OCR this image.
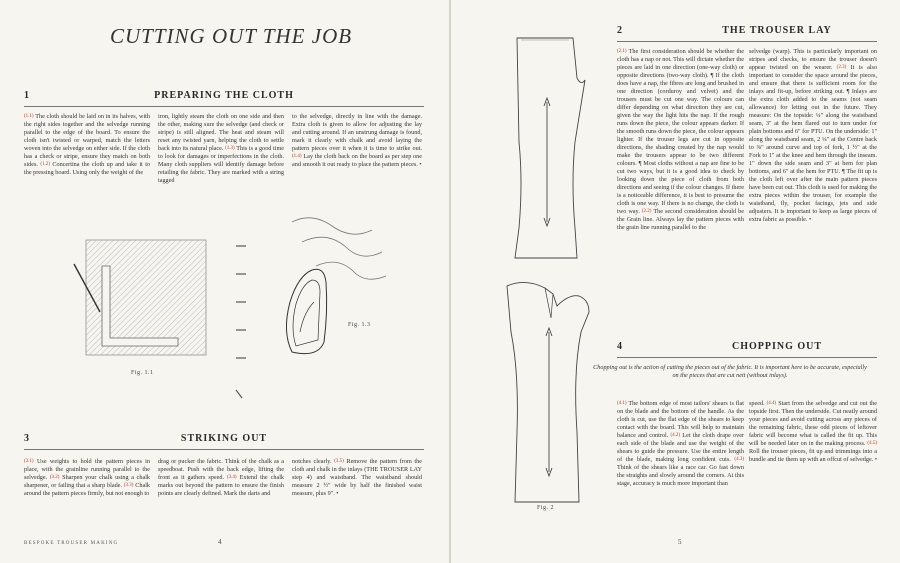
CUTTING OUT THE JOB
1	PREPARING THE CLOTH
(1.1) The cloth should be laid on in its halves, with the right sides together and the selvedge running parallel to the edge of the board. To ensure the cloth isn't twisted or warped, match the letters woven into the selvedge on either side. If the cloth has a check or stripe, ensure they match on both sides. (1.2) Concertina the cloth up and take it to the pressing board. Using only the weight of the
iron, lightly steam the cloth on one side and then the other, making sure the selvedge (and check or stripe) is still aligned. The heat and steam will reset any twisted yarn, helping the cloth to settle back into its natural place. (1.3) This is a good time to look for damages or imperfections in the cloth. Many cloth suppliers will identify damage before retailing the fabric. They are marked with a string tagged
to the selvedge, directly in line with the damage. Extra cloth is given to allow for adjusting the lay and cutting around. If an unstrung damage is found, mark it clearly with chalk and avoid laying the pattern pieces over it when it is time to strike out. (1.4) Lay the cloth back on the board as per step one and smooth it out ready to place the pattern pieces. •
Fig. 1.1
Fig. 1.3
3	STRIKING OUT
(3.1) Use weights to hold the pattern pieces in place, with the grainline running parallel to the selvedge. (3.2) Sharpen your chalk using a chalk sharpener, or failing that a sharp blade. (3.3) Chalk around the pattern pieces firmly, but not enough to
drag or pucker the fabric. Think of the chalk as a speedboat. Push with the back edge, lifting the front as it gathers speed. (3.4) Extend the chalk marks out beyond the pattern to ensure the finish points are clearly defined. Mark the darts and
notches clearly. (3.5) Remove the pattern from the cloth and chalk in the inlays (THE TROUSER LAY step 4) and waistband. The waistband should measure 2 ½" wide by half the finished waist measure, plus 9". •
BESPOKE TROUSER MAKING	4
Fig. 2
2	THE TROUSER LAY
(2.1) The first consideration should be whether the cloth has a nap or not. This will dictate whether the pieces are laid in one direction (one-way cloth) or opposite directions (two-way cloth). ¶ If the cloth does have a nap, the fibres are long and brushed in one direction (corduroy and velvet) and the trousers must be cut one way. The colours can differ depending on what direction they are cut, given the way the light hits the nap. If the rough runs down the piece, the colour appears darker. If the smooth runs down the piece, the colour appears lighter. If the trouser legs are cut in opposite directions, the shading created by the nap would make the trousers appear to be two different colours. ¶ Most cloths without a nap are fine to be cut two ways, but it is a good idea to check by looking down the piece of cloth from both directions and seeing if the colour changes. If there is a noticeable difference, it is best to presume the cloth is one way. If there is no change, the cloth is two way. (2.2) The second consideration should be the Grain line. Always lay the pattern pieces with the grain line running parallel to the
selvedge (warp). This is particularly important on stripes and checks, to ensure the trouser doesn't appear twisted on the wearer. (2.3) It is also important to consider the space around the pieces, and ensure that there is sufficient room for the inlays and fit-up, before striking out. ¶ Inlays are the extra cloth added to the seams (not seam allowance) for letting out in the future. They measure: On the topside: ¼" along the waistband seam, 3" at the hem flared out to turn under for plain bottoms and 6" for PTU. On the underside: 1" along the waistband seam, 2 ¼" at the Centre back to ⅜" around curve and top of fork, 1 ½" at the Fork to 1" at the knee and hem through the inseam. 1" down the side seam and 3" at hem for plan bottoms, and 6" at the hem for PTU. ¶ The fit up is the cloth left over after the main pattern pieces have been cut out. This cloth is used for making the extra pieces within the trouser, for example the waistband, fly, pocket facings, jets and side adjusters. It is important to keep as large pieces of extra fabric as possible. •
4	CHOPPING OUT
Chopping out is the action of cutting the pieces out of the fabric. It is important here to be accurate, especially on the pieces that are cut nett (without inlays).
(4.1) The bottom edge of most tailors' shears is flat on the blade and the bottom of the handle. As the cloth is cut, use the flat edge of the shears to keep contact with the board. This will help to maintain balance and control. (4.2) Let the cloth drape over each side of the blade and use the weight of the shears to guide the pressure. Use the entire length of the blade, making long confident cuts. (4.3) Think of the shears like a race car. Go fast down the straights and slowly around the corners. At this stage, accuracy is much more important than
speed. (4.4) Start from the selvedge and cut out the topside first. Then the underside. Cut neatly around your pieces and avoid cutting across any pieces of the remaining fabric, these odd pieces of leftover fabric will become what is called the fit up. This will be needed later on in the making process. (4.5) Roll the trouser pieces, fit up and trimmings into a bundle and tie them up with an offcut of selvedge. •
5
